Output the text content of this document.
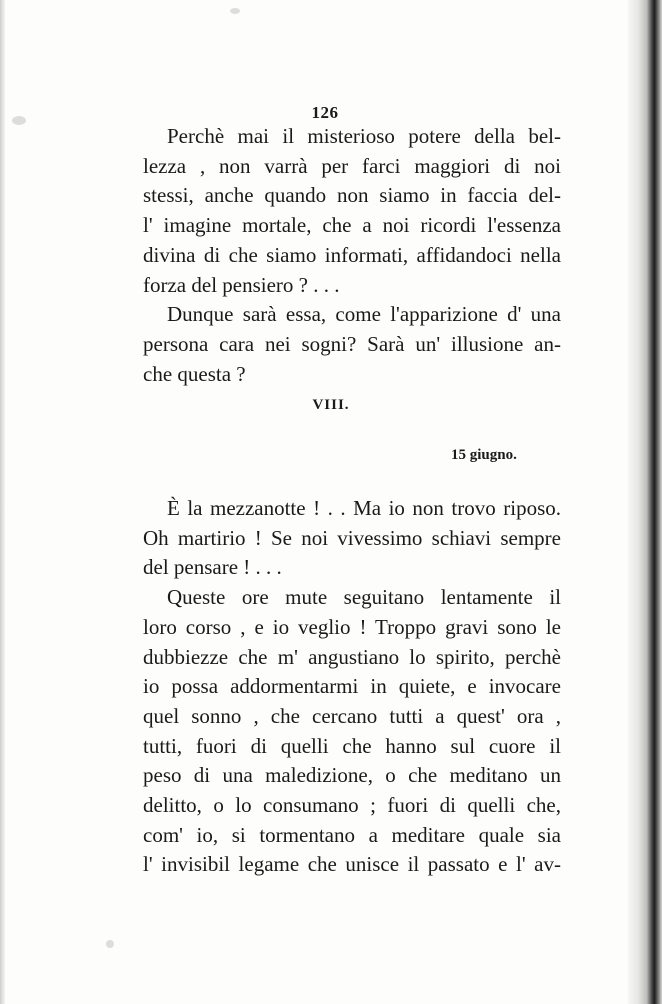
126
Perchè mai il misterioso potere della bel-
lezza , non varrà per farci maggiori di noi
stessi, anche quando non siamo in faccia del-
l' imagine mortale, che a noi ricordi l'essenza
divina di che siamo informati, affidandoci nella
forza del pensiero ? . . .
Dunque sarà essa, come l'apparizione d' una
persona cara nei sogni? Sarà un' illusione an-
che questa ?
VIII.
15 giugno.
È la mezzanotte ! . . Ma io non trovo riposo.
Oh martirio ! Se noi vivessimo schiavi sempre
del pensare ! . . .
Queste ore mute seguitano lentamente il
loro corso , e io veglio ! Troppo gravi sono le
dubbiezze che m' angustiano lo spirito, perchè
io possa addormentarmi in quiete, e invocare
quel sonno , che cercano tutti a quest' ora ,
tutti, fuori di quelli che hanno sul cuore il
peso di una maledizione, o che meditano un
delitto, o lo consumano ; fuori di quelli che,
com' io, si tormentano a meditare quale sia
l' invisibil legame che unisce il passato e l' av-
